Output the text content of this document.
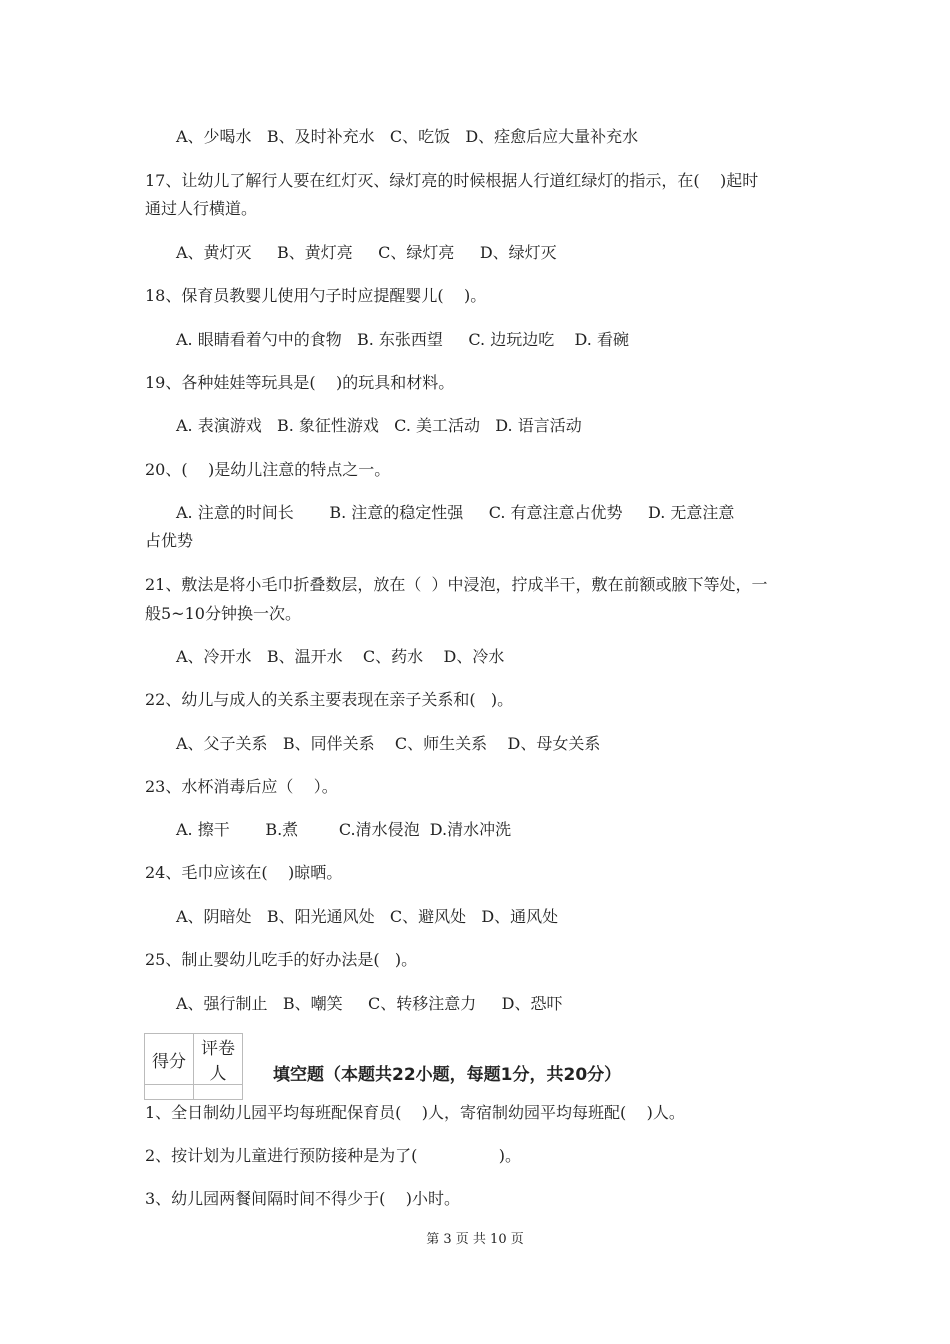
A、少喝水   B、及时补充水   C、吃饭   D、痊愈后应大量补充水
17、让幼儿了解行人要在红灯灭、绿灯亮的时候根据人行道红绿灯的指示，在(    )起时
通过人行横道。
A、黄灯灭     B、黄灯亮     C、绿灯亮     D、绿灯灭
18、保育员教婴儿使用勺子时应提醒婴儿(    )。
A. 眼睛看着勺中的食物   B. 东张西望     C. 边玩边吃    D. 看碗
19、各种娃娃等玩具是(    )的玩具和材料。
A. 表演游戏   B. 象征性游戏   C. 美工活动   D. 语言活动
20、(    )是幼儿注意的特点之一。
A. 注意的时间长       B. 注意的稳定性强     C. 有意注意占优势     D. 无意注意
占优势
21、敷法是将小毛巾折叠数层，放在（  ）中浸泡，拧成半干，敷在前额或腋下等处，一
般5~10分钟换一次。
A、冷开水   B、温开水    C、药水    D、冷水
22、幼儿与成人的关系主要表现在亲子关系和(   )。
A、父子关系   B、同伴关系    C、师生关系    D、母女关系
23、水杯消毒后应（    ）。
A. 擦干       B.煮        C.清水侵泡  D.清水冲洗
24、毛巾应该在(    )晾晒。
A、阴暗处   B、阳光通风处   C、避风处   D、通风处
25、制止婴幼儿吃手的好办法是(   )。
A、强行制止   B、嘲笑     C、转移注意力     D、恐吓
得分	评卷人
		填空题（本题共22小题，每题1分，共20分）
1、全日制幼儿园平均每班配保育员(    )人，寄宿制幼园平均每班配(    )人。
2、按计划为儿童进行预防接种是为了(                )。
3、幼儿园两餐间隔时间不得少于(    )小时。
第 3 页 共 10 页
